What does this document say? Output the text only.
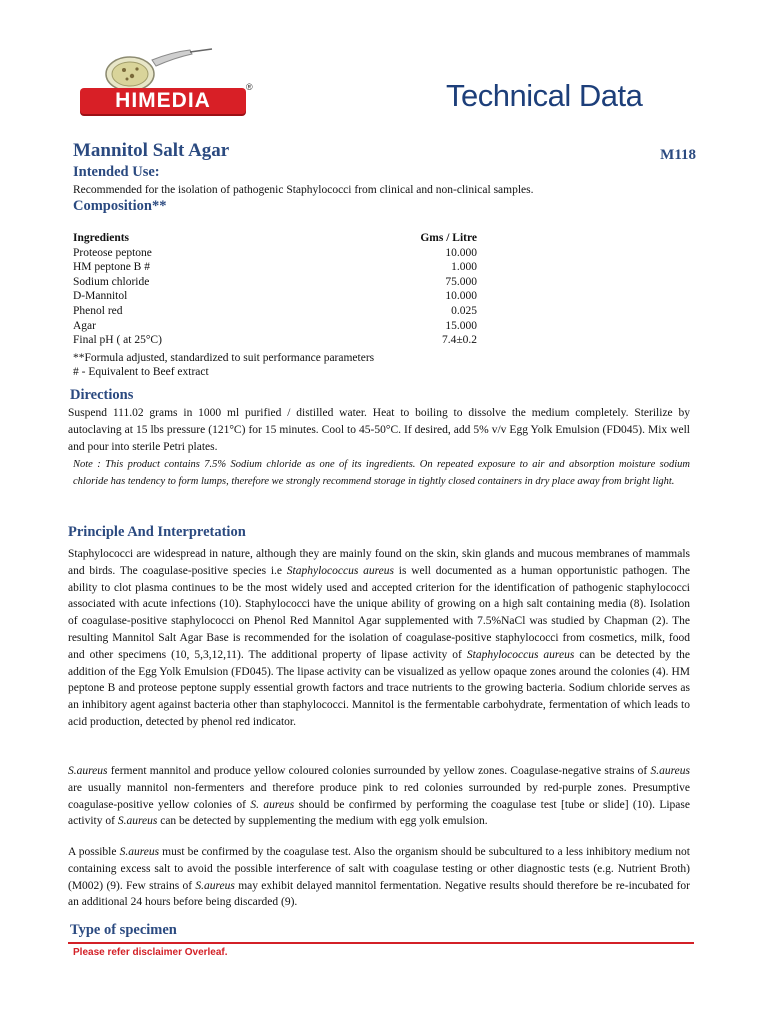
HIMEDIA
®	Technical Data
Mannitol Salt Agar	M118
Intended Use:
Recommended for the isolation of pathogenic Staphylococci from clinical and non-clinical samples.
Composition**
Ingredients	Gms / Litre
Proteose peptone	10.000
HM peptone B #	1.000
Sodium chloride	75.000
D-Mannitol	10.000
Phenol red	0.025
Agar	15.000
Final pH ( at 25°C)	7.4±0.2
**Formula adjusted, standardized to suit performance parameters
# - Equivalent to Beef extract
Directions
Suspend 111.02 grams in 1000 ml purified / distilled water. Heat to boiling to dissolve the medium completely. Sterilize by autoclaving at 15 lbs pressure (121°C) for 15 minutes. Cool to 45-50°C. If desired, add 5% v/v Egg Yolk Emulsion (FD045). Mix well and pour into sterile Petri plates.
Note : This product contains 7.5% Sodium chloride as one of its ingredients. On repeated exposure to air and absorption moisture sodium chloride has tendency to form lumps, therefore we strongly recommend storage in tightly closed containers in dry place away from bright light.
Principle And Interpretation
Staphylococci are widespread in nature, although they are mainly found on the skin, skin glands and mucous membranes of mammals and birds. The coagulase-positive species i.e Staphylococcus aureus is well documented as a human opportunistic pathogen. The ability to clot plasma continues to be the most widely used and accepted criterion for the identification of pathogenic staphylococci associated with acute infections (10). Staphylococci have the unique ability of growing on a high salt containing media (8). Isolation of coagulase-positive staphylococci on Phenol Red Mannitol Agar supplemented with 7.5%NaCl was studied by Chapman (2). The resulting Mannitol Salt Agar Base is recommended for the isolation of coagulase-positive staphylococci from cosmetics, milk, food and other specimens (10, 5,3,12,11). The additional property of lipase activity of Staphylococcus aureus can be detected by the addition of the Egg Yolk Emulsion (FD045). The lipase activity can be visualized as yellow opaque zones around the colonies (4). HM peptone B and proteose peptone supply essential growth factors and trace nutrients to the growing bacteria. Sodium chloride serves as an inhibitory agent against bacteria other than staphylococci. Mannitol is the fermentable carbohydrate, fermentation of which leads to acid production, detected by phenol red indicator.
S.aureus ferment mannitol and produce yellow coloured colonies surrounded by yellow zones. Coagulase-negative strains of S.aureus are usually mannitol non-fermenters and therefore produce pink to red colonies surrounded by red-purple zones. Presumptive coagulase-positive yellow colonies of S. aureus should be confirmed by performing the coagulase test [tube or slide] (10). Lipase activity of S.aureus can be detected by supplementing the medium with egg yolk emulsion.
A possible S.aureus must be confirmed by the coagulase test. Also the organism should be subcultured to a less inhibitory medium not containing excess salt to avoid the possible interference of salt with coagulase testing or other diagnostic tests (e.g. Nutrient Broth) (M002) (9). Few strains of S.aureus may exhibit delayed mannitol fermentation. Negative results should therefore be re-incubated for an additional 24 hours before being discarded (9).
Type of specimen
Please refer disclaimer Overleaf.
